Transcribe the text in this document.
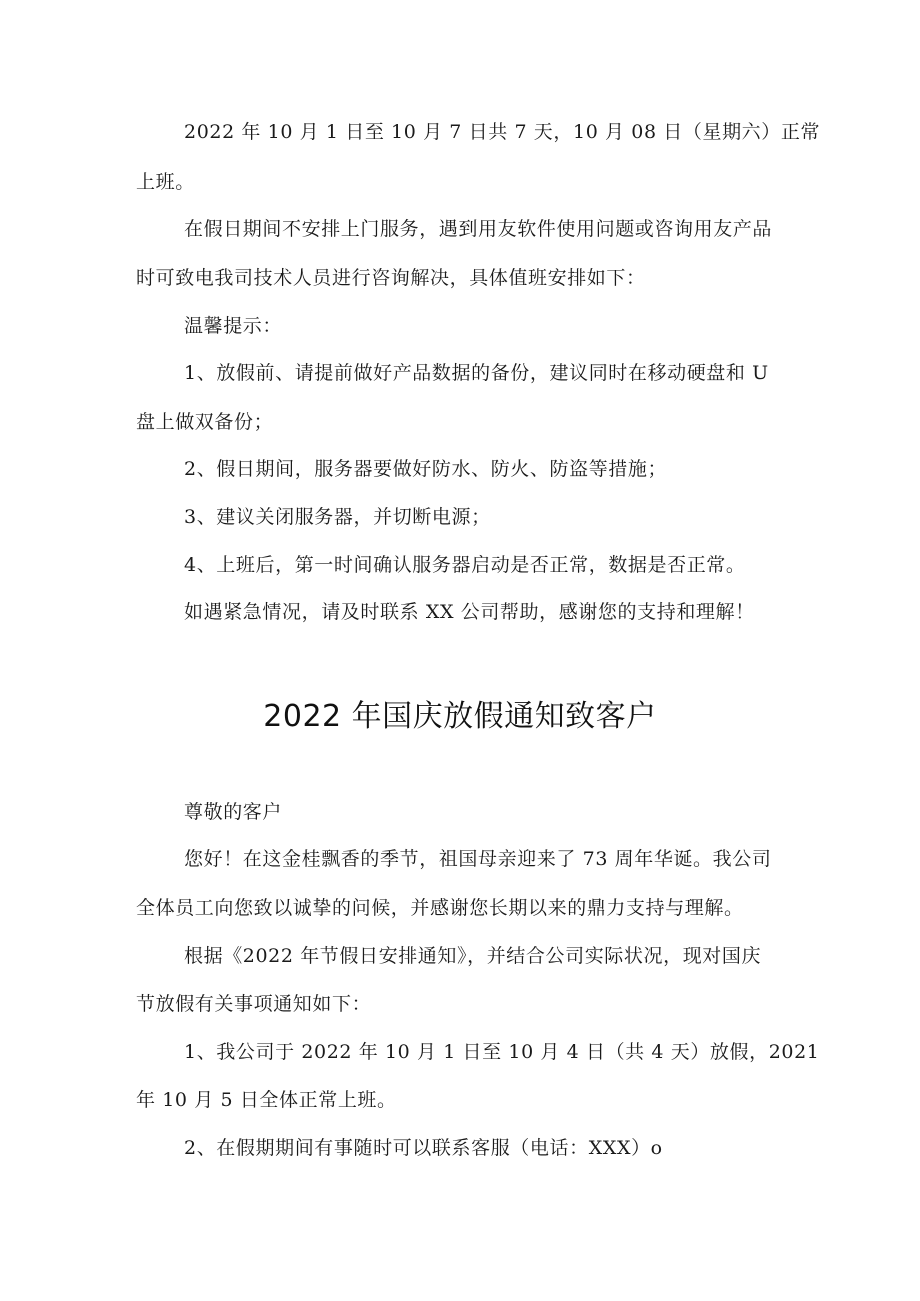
2022 年 10 月 1 日至 10 月 7 日共 7 天，10 月 08 日（星期六）正常
上班。
在假日期间不安排上门服务，遇到用友软件使用问题或咨询用友产品
时可致电我司技术人员进行咨询解决，具体值班安排如下：
温馨提示：
1、放假前、请提前做好产品数据的备份，建议同时在移动硬盘和 U
盘上做双备份；
2、假日期间，服务器要做好防水、防火、防盗等措施；
3、建议关闭服务器，并切断电源；
4、上班后，第一时间确认服务器启动是否正常，数据是否正常。
如遇紧急情况，请及时联系 XX 公司帮助，感谢您的支持和理解！
2022 年国庆放假通知致客户
尊敬的客户
您好！在这金桂飘香的季节，祖国母亲迎来了 73 周年华诞。我公司
全体员工向您致以诚挚的问候，并感谢您长期以来的鼎力支持与理解。
根据《2022 年节假日安排通知》，并结合公司实际状况，现对国庆
节放假有关事项通知如下：
1、我公司于 2022 年 10 月 1 日至 10 月 4 日（共 4 天）放假，2021
年 10 月 5 日全体正常上班。
2、在假期期间有事随时可以联系客服（电话：XXX）o
